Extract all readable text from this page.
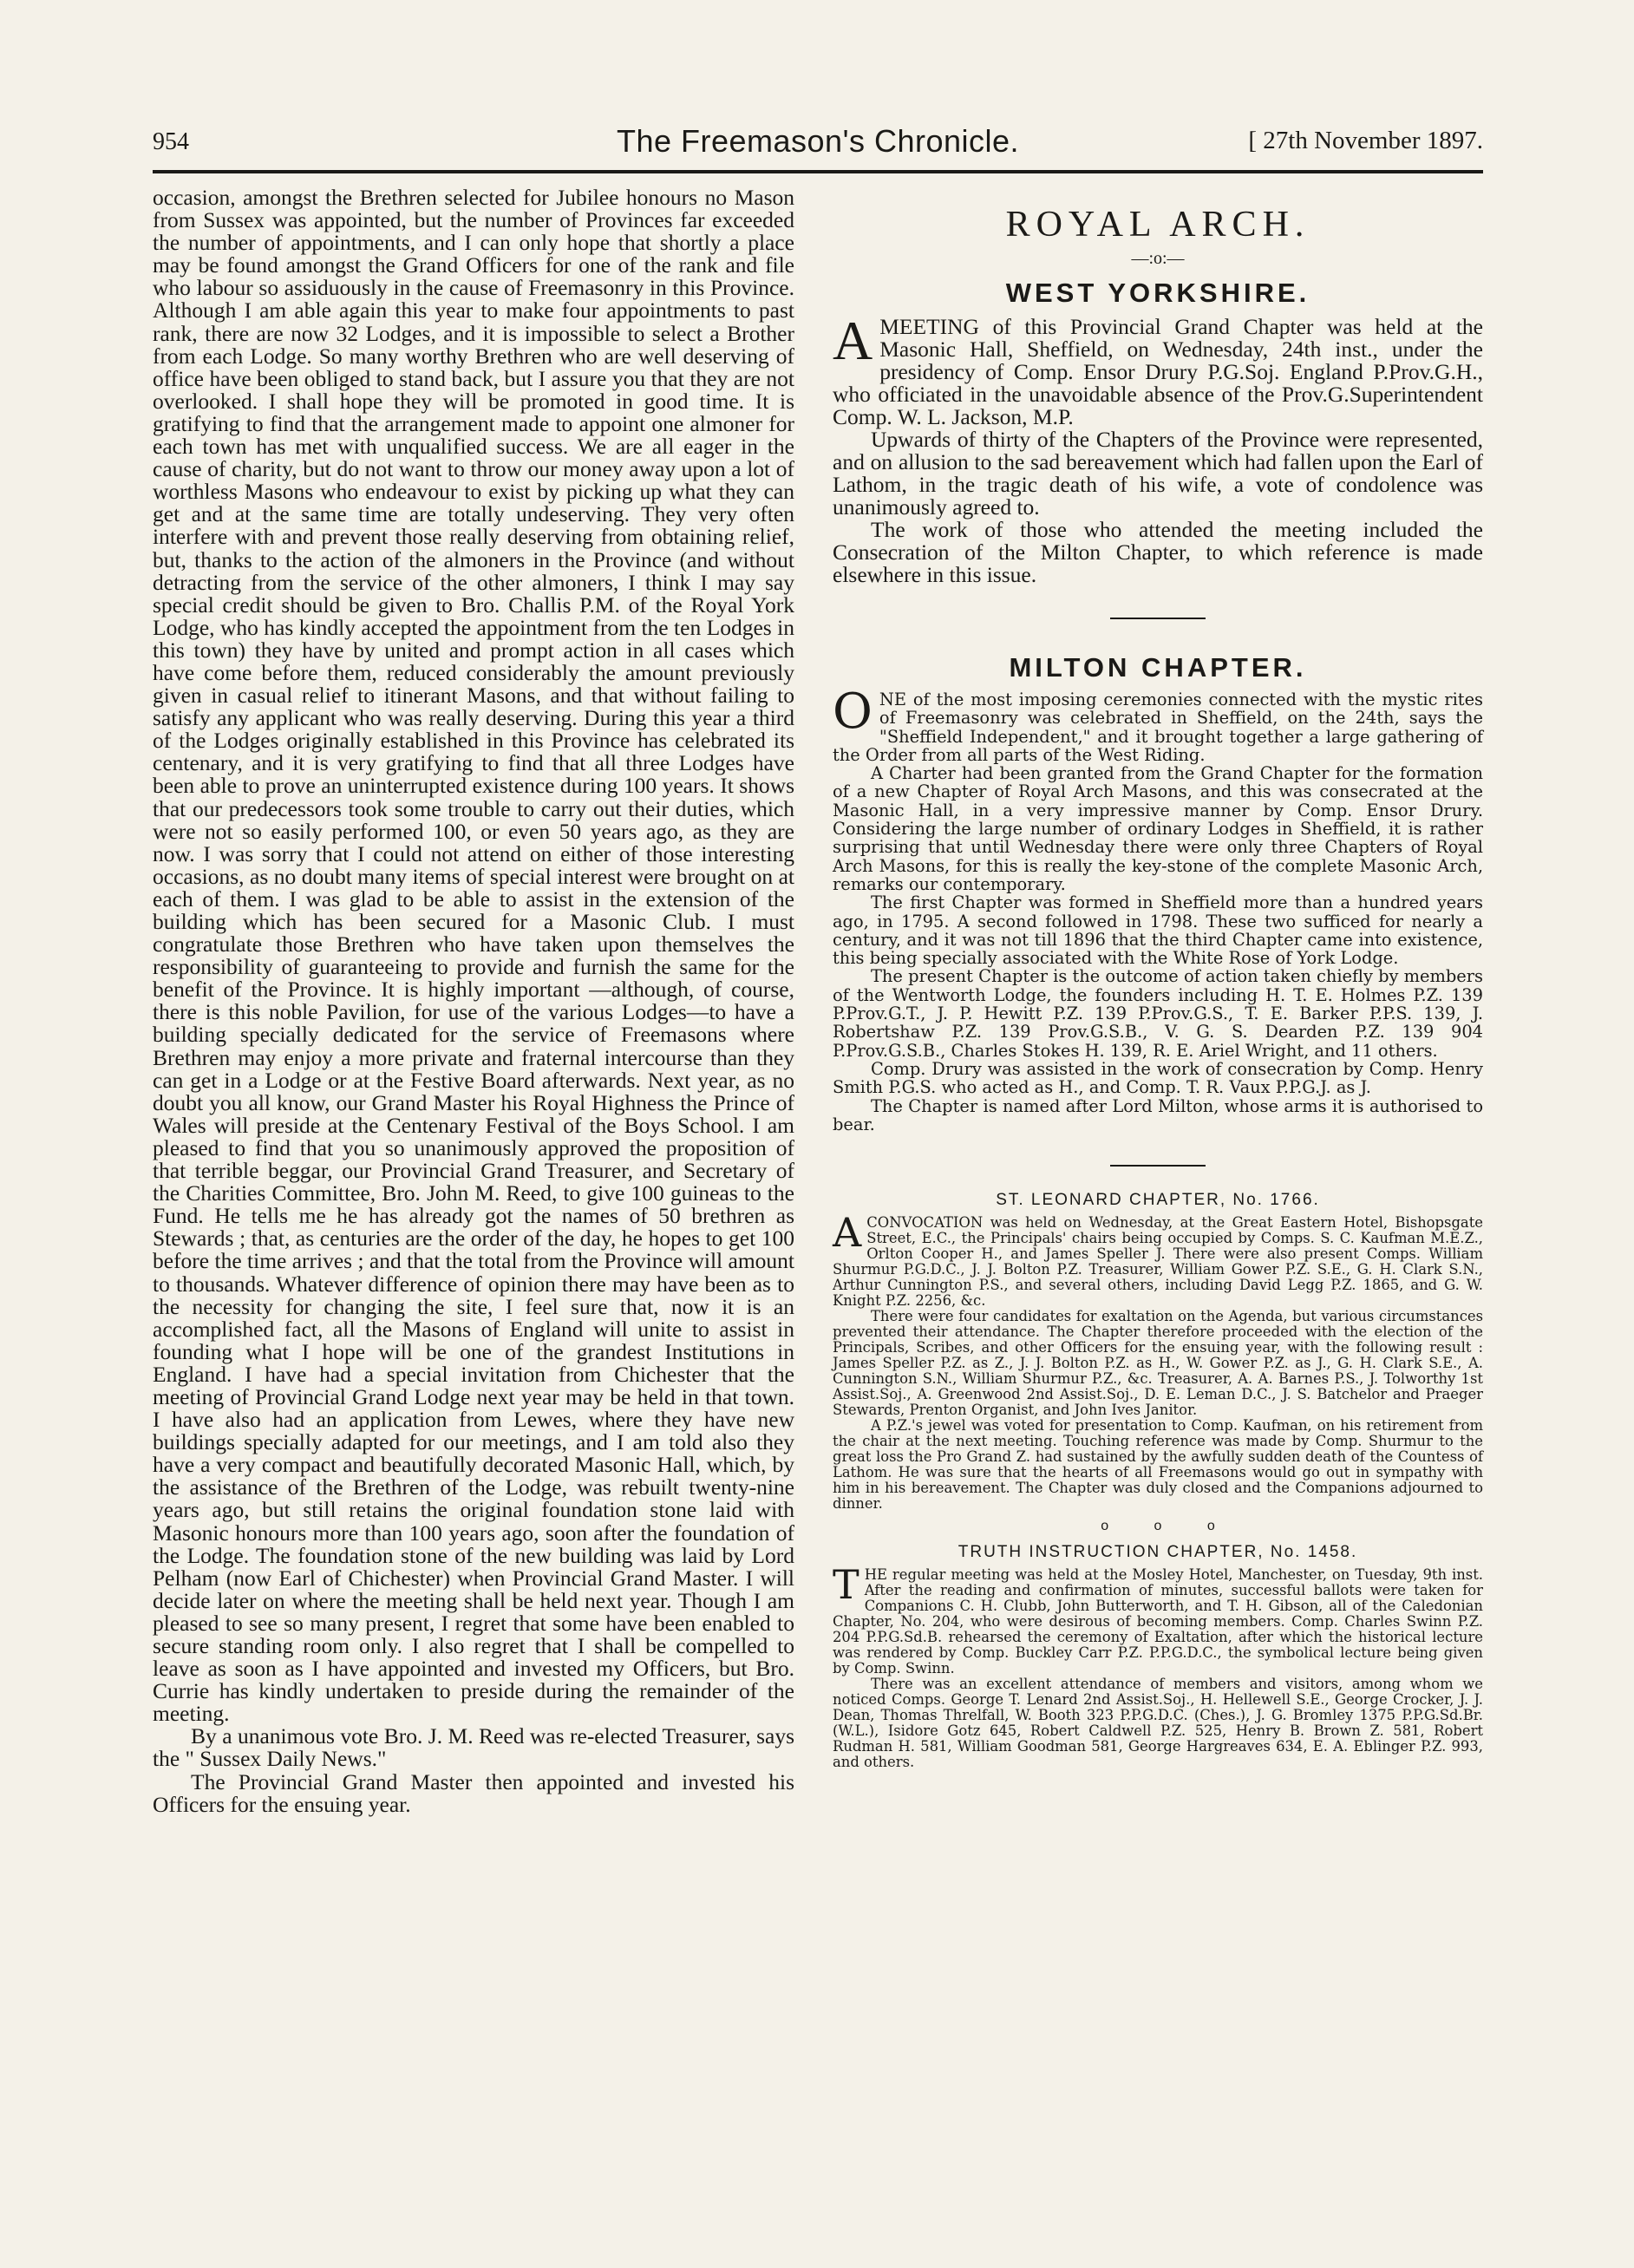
954	The Freemason's Chronicle.	[ 27th November 1897.

occasion, amongst the Brethren selected for Jubilee honours no Mason from Sussex was appointed, but the number of Provinces far exceeded the number of appointments, and I can only hope that shortly a place may be found amongst the Grand Officers for one of the rank and file who labour so assiduously in the cause of Freemasonry in this Province. Although I am able again this year to make four appointments to past rank, there are now 32 Lodges, and it is impossible to select a Brother from each Lodge. So many worthy Brethren who are well deserving of office have been obliged to stand back, but I assure you that they are not overlooked. I shall hope they will be promoted in good time. It is gratifying to find that the arrangement made to appoint one almoner for each town has met with unqualified success. We are all eager in the cause of charity, but do not want to throw our money away upon a lot of worthless Masons who endeavour to exist by picking up what they can get and at the same time are totally undeserving. They very often interfere with and prevent those really deserving from obtaining relief, but, thanks to the action of the almoners in the Province (and without detracting from the service of the other almoners, I think I may say special credit should be given to Bro. Challis P.M. of the Royal York Lodge, who has kindly accepted the appointment from the ten Lodges in this town) they have by united and prompt action in all cases which have come before them, reduced considerably the amount previously given in casual relief to itinerant Masons, and that without failing to satisfy any applicant who was really deserving. During this year a third of the Lodges originally established in this Province has celebrated its centenary, and it is very gratifying to find that all three Lodges have been able to prove an uninterrupted existence during 100 years. It shows that our predecessors took some trouble to carry out their duties, which were not so easily performed 100, or even 50 years ago, as they are now. I was sorry that I could not attend on either of those interesting occasions, as no doubt many items of special interest were brought on at each of them. I was glad to be able to assist in the extension of the building which has been secured for a Masonic Club. I must congratulate those Brethren who have taken upon themselves the responsibility of guaranteeing to provide and furnish the same for the benefit of the Province. It is highly important —although, of course, there is this noble Pavilion, for use of the various Lodges—to have a building specially dedicated for the service of Freemasons where Brethren may enjoy a more private and fraternal intercourse than they can get in a Lodge or at the Festive Board afterwards. Next year, as no doubt you all know, our Grand Master his Royal Highness the Prince of Wales will preside at the Centenary Festival of the Boys School. I am pleased to find that you so unanimously approved the proposition of that terrible beggar, our Provincial Grand Treasurer, and Secretary of the Charities Committee, Bro. John M. Reed, to give 100 guineas to the Fund. He tells me he has already got the names of 50 brethren as Stewards ; that, as centuries are the order of the day, he hopes to get 100 before the time arrives ; and that the total from the Province will amount to thousands. Whatever difference of opinion there may have been as to the necessity for changing the site, I feel sure that, now it is an accomplished fact, all the Masons of England will unite to assist in founding what I hope will be one of the grandest Institutions in England. I have had a special invitation from Chichester that the meeting of Provincial Grand Lodge next year may be held in that town. I have also had an application from Lewes, where they have new buildings specially adapted for our meetings, and I am told also they have a very compact and beautifully decorated Masonic Hall, which, by the assistance of the Brethren of the Lodge, was rebuilt twenty-nine years ago, but still retains the original foundation stone laid with Masonic honours more than 100 years ago, soon after the foundation of the Lodge. The foundation stone of the new building was laid by Lord Pelham (now Earl of Chichester) when Provincial Grand Master. I will decide later on where the meeting shall be held next year. Though I am pleased to see so many present, I regret that some have been enabled to secure standing room only. I also regret that I shall be compelled to leave as soon as I have appointed and invested my Officers, but Bro. Currie has kindly undertaken to preside during the remainder of the meeting.

By a unanimous vote Bro. J. M. Reed was re-elected Treasurer, says the " Sussex Daily News."

The Provincial Grand Master then appointed and invested his Officers for the ensuing year.

ROYAL ARCH.
—:o:—
WEST YORKSHIRE.

AMEETING of this Provincial Grand Chapter was held at the Masonic Hall, Sheffield, on Wednesday, 24th inst., under the presidency of Comp. Ensor Drury P.G.Soj. England P.Prov.G.H., who officiated in the unavoidable absence of the Prov.G.Superintendent Comp. W. L. Jackson, M.P.

Upwards of thirty of the Chapters of the Province were represented, and on allusion to the sad bereavement which had fallen upon the Earl of Lathom, in the tragic death of his wife, a vote of condolence was unanimously agreed to.

The work of those who attended the meeting included the Consecration of the Milton Chapter, to which reference is made elsewhere in this issue.

MILTON CHAPTER.

ONE of the most imposing ceremonies connected with the mystic rites of Freemasonry was celebrated in Sheffield, on the 24th, says the "Sheffield Independent," and it brought together a large gathering of the Order from all parts of the West Riding.

A Charter had been granted from the Grand Chapter for the formation of a new Chapter of Royal Arch Masons, and this was consecrated at the Masonic Hall, in a very impressive manner by Comp. Ensor Drury. Considering the large number of ordinary Lodges in Sheffield, it is rather surprising that until Wednesday there were only three Chapters of Royal Arch Masons, for this is really the key-stone of the complete Masonic Arch, remarks our contemporary.

The first Chapter was formed in Sheffield more than a hundred years ago, in 1795. A second followed in 1798. These two sufficed for nearly a century, and it was not till 1896 that the third Chapter came into existence, this being specially associated with the White Rose of York Lodge.

The present Chapter is the outcome of action taken chiefly by members of the Wentworth Lodge, the founders including H. T. E. Holmes P.Z. 139 P.Prov.G.T., J. P. Hewitt P.Z. 139 P.Prov.G.S., T. E. Barker P.P.S. 139, J. Robertshaw P.Z. 139 Prov.G.S.B., V. G. S. Dearden P.Z. 139 904 P.Prov.G.S.B., Charles Stokes H. 139, R. E. Ariel Wright, and 11 others.

Comp. Drury was assisted in the work of consecration by Comp. Henry Smith P.G.S. who acted as H., and Comp. T. R. Vaux P.P.G.J. as J.

The Chapter is named after Lord Milton, whose arms it is authorised to bear.

ST. LEONARD CHAPTER, No. 1766.

ACONVOCATION was held on Wednesday, at the Great Eastern Hotel, Bishopsgate Street, E.C., the Principals' chairs being occupied by Comps. S. C. Kaufman M.E.Z., Orlton Cooper H., and James Speller J. There were also present Comps. William Shurmur P.G.D.C., J. J. Bolton P.Z. Treasurer, William Gower P.Z. S.E., G. H. Clark S.N., Arthur Cunnington P.S., and several others, including David Legg P.Z. 1865, and G. W. Knight P.Z. 2256, &c.

There were four candidates for exaltation on the Agenda, but various circumstances prevented their attendance. The Chapter therefore proceeded with the election of the Principals, Scribes, and other Officers for the ensuing year, with the following result : James Speller P.Z. as Z., J. J. Bolton P.Z. as H., W. Gower P.Z. as J., G. H. Clark S.E., A. Cunnington S.N., William Shurmur P.Z., &c. Treasurer, A. A. Barnes P.S., J. Tolworthy 1st Assist.Soj., A. Greenwood 2nd Assist.Soj., D. E. Leman D.C., J. S. Batchelor and Praeger Stewards, Prenton Organist, and John Ives Janitor.

A P.Z.'s jewel was voted for presentation to Comp. Kaufman, on his retirement from the chair at the next meeting. Touching reference was made by Comp. Shurmur to the great loss the Pro Grand Z. had sustained by the awfully sudden death of the Countess of Lathom. He was sure that the hearts of all Freemasons would go out in sympathy with him in his bereavement. The Chapter was duly closed and the Companions adjourned to dinner.

o o o
TRUTH INSTRUCTION CHAPTER, No. 1458.

THE regular meeting was held at the Mosley Hotel, Manchester, on Tuesday, 9th inst. After the reading and confirmation of minutes, successful ballots were taken for Companions C. H. Clubb, John Butterworth, and T. H. Gibson, all of the Caledonian Chapter, No. 204, who were desirous of becoming members. Comp. Charles Swinn P.Z. 204 P.P.G.Sd.B. rehearsed the ceremony of Exaltation, after which the historical lecture was rendered by Comp. Buckley Carr P.Z. P.P.G.D.C., the symbolical lecture being given by Comp. Swinn.

There was an excellent attendance of members and visitors, among whom we noticed Comps. George T. Lenard 2nd Assist.Soj., H. Hellewell S.E., George Crocker, J. J. Dean, Thomas Threlfall, W. Booth 323 P.P.G.D.C. (Ches.), J. G. Bromley 1375 P.P.G.Sd.Br. (W.L.), Isidore Gotz 645, Robert Caldwell P.Z. 525, Henry B. Brown Z. 581, Robert Rudman H. 581, William Goodman 581, George Hargreaves 634, E. A. Eblinger P.Z. 993, and others.
